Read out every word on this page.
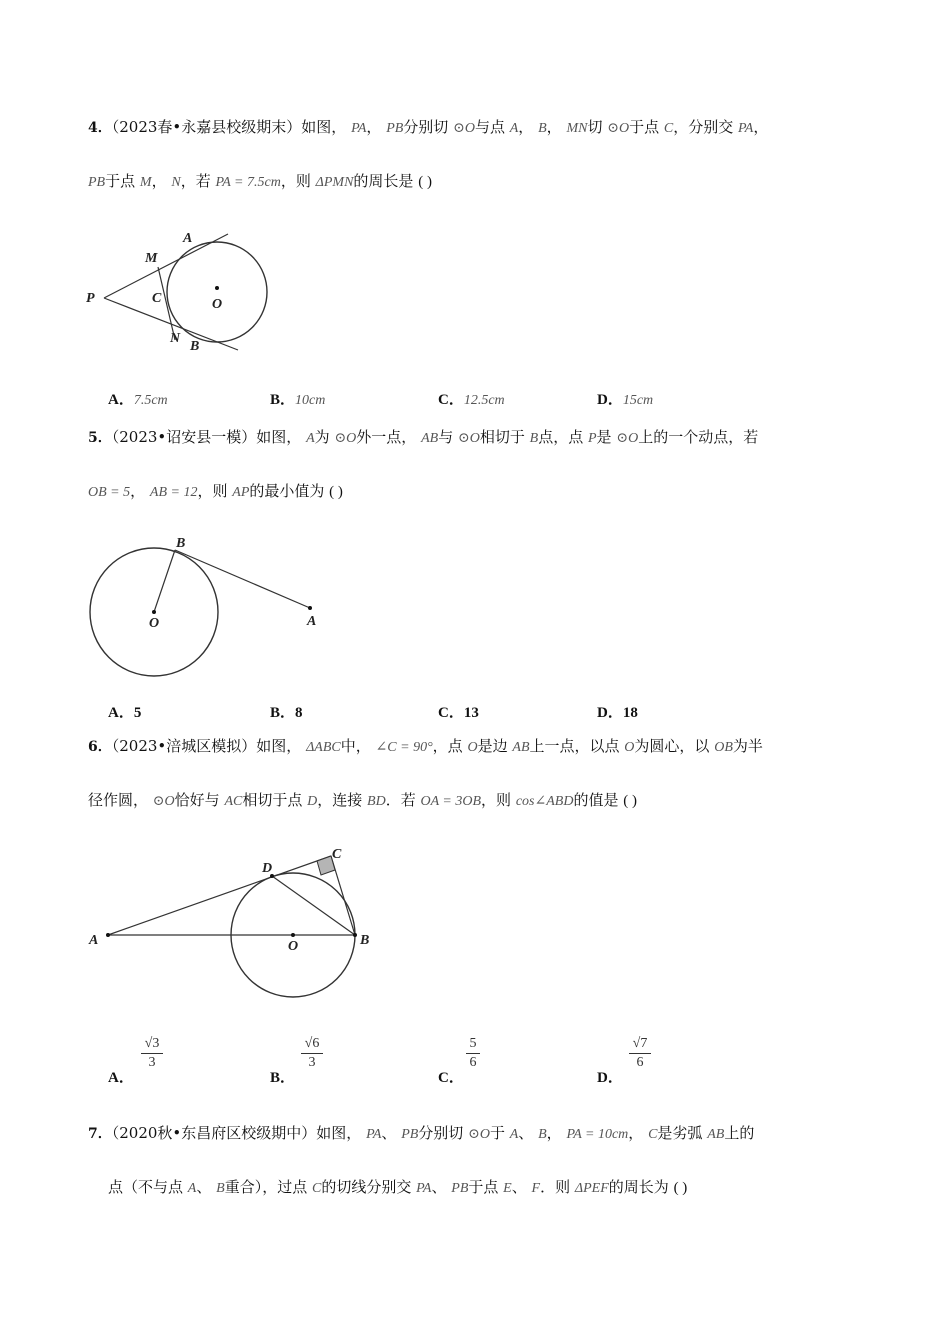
4．（2023春•永嘉县校级期末）如图， PA， PB分别切 ⊙O与点 A， B， MN切 ⊙O于点 C，分别交 PA，
PB于点 M， N，若 PA = 7.5cm，则 ΔPMN的周长是 ( )
A
M
P	C	O
N
B
A．7.5cm	B．10cm	C．12.5cm	D．15cm
5．（2023•诏安县一模）如图， A为 ⊙O外一点， AB与 ⊙O相切于 B点，点 P是 ⊙O上的一个动点，若
OB = 5， AB = 12，则 AP的最小值为 ( )
B
O	A
A．5	B．8	C．13	D．18
6．（2023•涪城区模拟）如图， ΔABC中， ∠C = 90°，点 O是边 AB上一点，以点 O为圆心，以 OB为半
径作圆， ⊙O恰好与 AC相切于点 D，连接 BD．若 OA = 3OB，则 cos∠ABD的值是 ( )
D
C
A	O	B
A．
$\frac{√3}{3}$
B．
$\frac{√6}{3}$
C．
$\frac{5}{6}$
D．
$\frac{√7}{6}$
7．（2020秋•东昌府区校级期中）如图， PA、 PB分别切 ⊙O于 A、 B， PA = 10cm， C是劣弧 AB上的
点（不与点 A、 B重合），过点 C的切线分别交 PA、 PB于点 E、 F．则 ΔPEF的周长为 ( )
